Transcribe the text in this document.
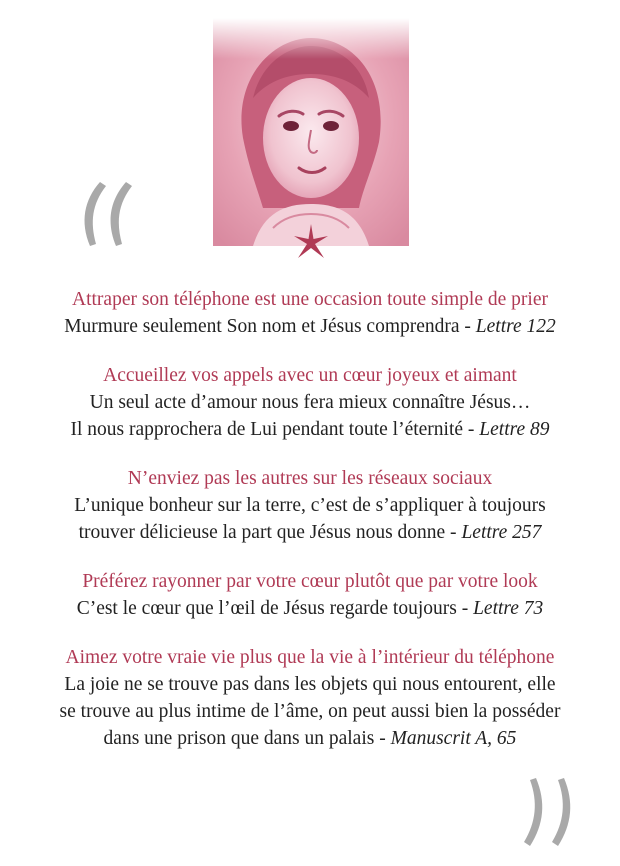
Attraper son téléphone est une occasion toute simple de prier

Murmure seulement Son nom et Jésus comprendra - Lettre 122

Accueillez vos appels avec un cœur joyeux et aimant

Un seul acte d’amour nous fera mieux connaître Jésus…

Il nous rapprochera de Lui pendant toute l’éternité - Lettre 89

N’enviez pas les autres sur les réseaux sociaux

L’unique bonheur sur la terre, c’est de s’appliquer à toujours

trouver délicieuse la part que Jésus nous donne - Lettre 257

Préférez rayonner par votre cœur plutôt que par votre look

C’est le cœur que l’œil de Jésus regarde toujours - Lettre 73

Aimez votre vraie vie plus que la vie à l’intérieur du téléphone

La joie ne se trouve pas dans les objets qui nous entourent, elle

se trouve au plus intime de l’âme, on peut aussi bien la posséder

dans une prison que dans un palais - Manuscrit A, 65
